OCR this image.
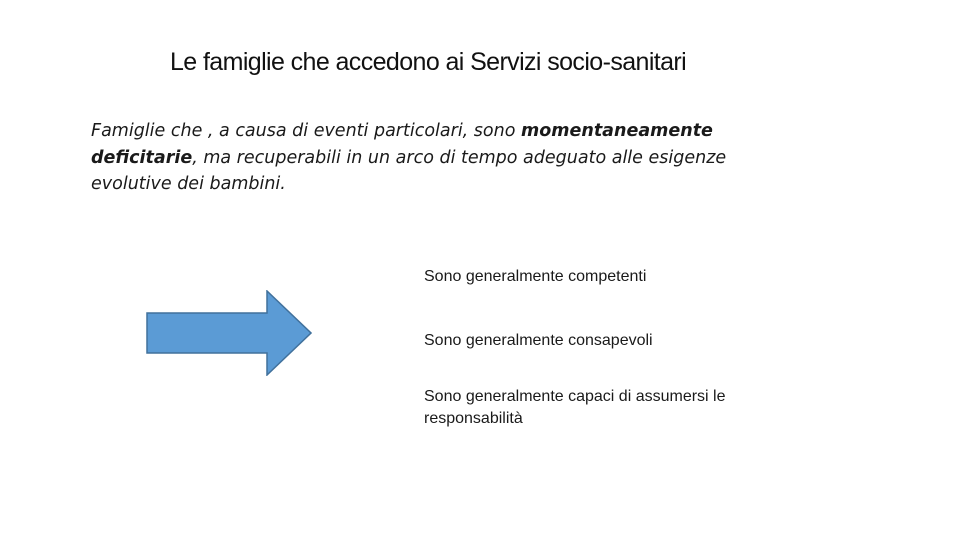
Le famiglie che accedono ai Servizi socio-sanitari
Famiglie che , a causa di eventi particolari, sono momentaneamente deficitarie, ma recuperabili in un arco di tempo adeguato alle esigenze evolutive dei bambini.

Sono generalmente competenti

Sono generalmente consapevoli

Sono generalmente capaci di assumersi le responsabilità
